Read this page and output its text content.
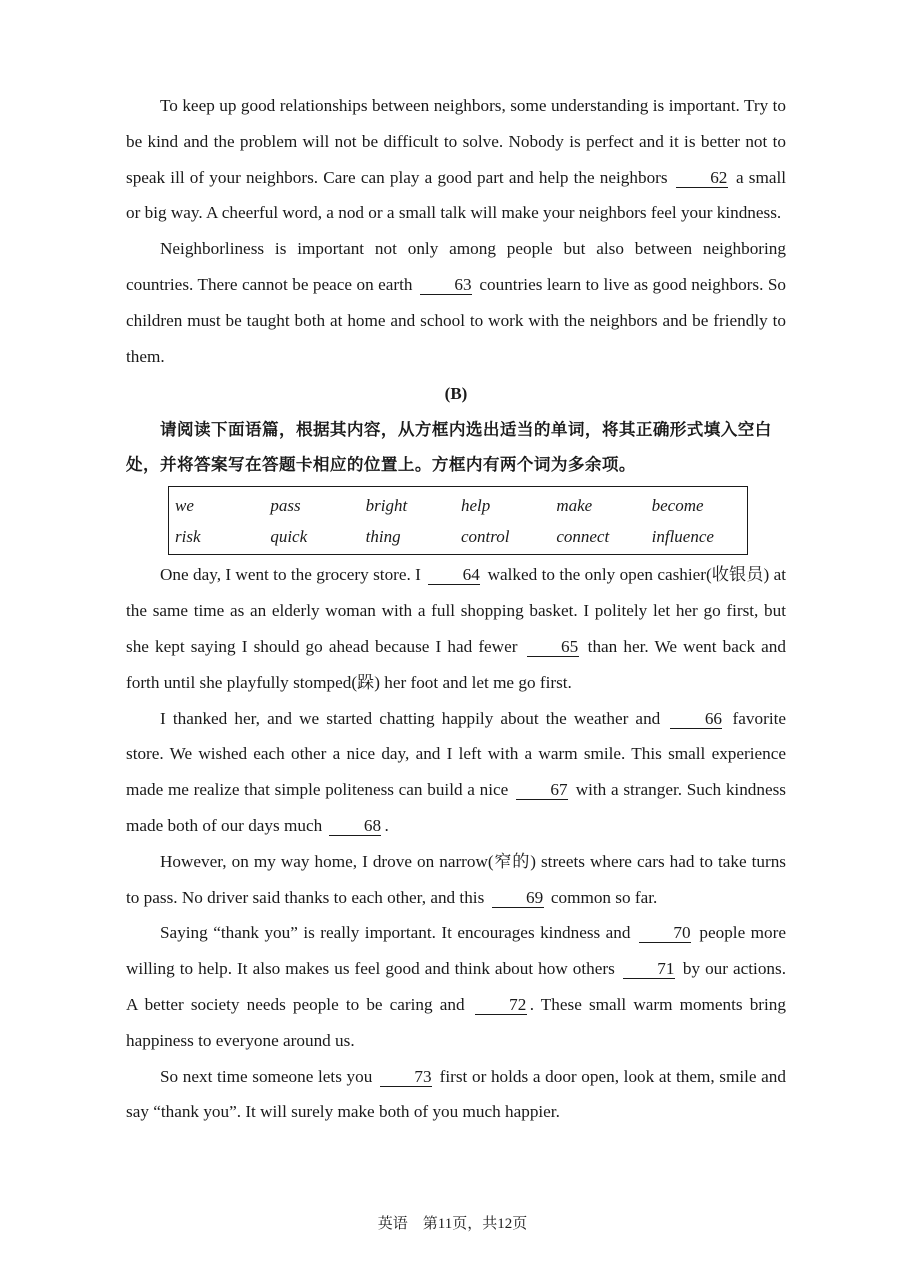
To keep up good relationships between neighbors, some understanding is important. Try to be kind and the problem will not be difficult to solve. Nobody is perfect and it is better not to speak ill of your neighbors. Care can play a good part and help the neighbors 62 a small or big way. A cheerful word, a nod or a small talk will make your neighbors feel your kindness.

Neighborliness is important not only among people but also between neighboring countries. There cannot be peace on earth 63 countries learn to live as good neighbors. So children must be taught both at home and school to work with the neighbors and be friendly to them.

(B)

请阅读下面语篇，根据其内容，从方框内选出适当的单词，将其正确形式填入空白处，并将答案写在答题卡相应的位置上。方框内有两个词为多余项。

we	pass	bright	help	make	become
risk	quick	thing	control	connect	influence

One day, I went to the grocery store. I 64 walked to the only open cashier(收银员) at the same time as an elderly woman with a full shopping basket. I politely let her go first, but she kept saying I should go ahead because I had fewer 65 than her. We went back and forth until she playfully stomped(跺) her foot and let me go first.

I thanked her, and we started chatting happily about the weather and 66 favorite store. We wished each other a nice day, and I left with a warm smile. This small experience made me realize that simple politeness can build a nice 67 with a stranger. Such kindness made both of our days much 68 .

However, on my way home, I drove on narrow(窄的) streets where cars had to take turns to pass. No driver said thanks to each other, and this 69 common so far.

Saying “thank you” is really important. It encourages kindness and 70 people more willing to help. It also makes us feel good and think about how others 71 by our actions. A better society needs people to be caring and 72 . These small warm moments bring happiness to everyone around us.

So next time someone lets you 73 first or holds a door open, look at them, smile and say “thank you”. It will surely make both of you much happier.

英语　第11页，共12页
